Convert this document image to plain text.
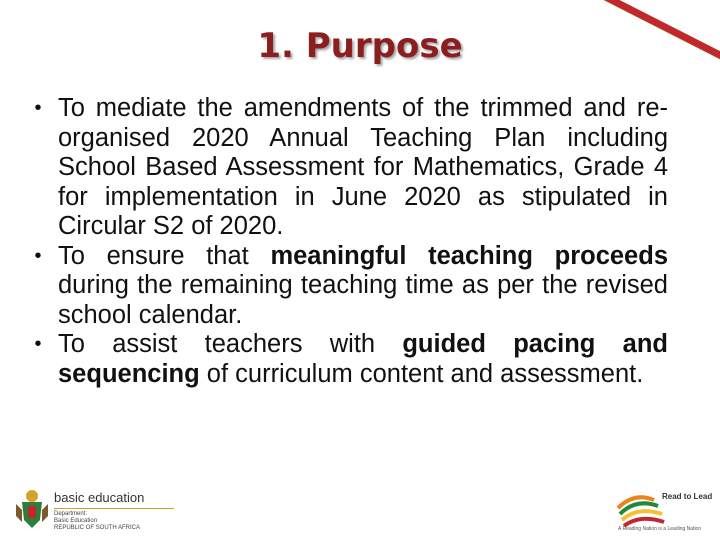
1. Purpose
• To mediate the amendments of the trimmed and re-organised 2020 Annual Teaching Plan including School Based Assessment for Mathematics, Grade 4 for implementation in June 2020 as stipulated in Circular S2 of 2020.
• To ensure that meaningful teaching proceeds during the remaining teaching time as per the revised school calendar.
• To assist teachers with guided pacing and sequencing of curriculum content and assessment.
basic education
Department:
Basic Education
REPUBLIC OF SOUTH AFRICA
Read to Lead
A Reading Nation is a Leading Nation
